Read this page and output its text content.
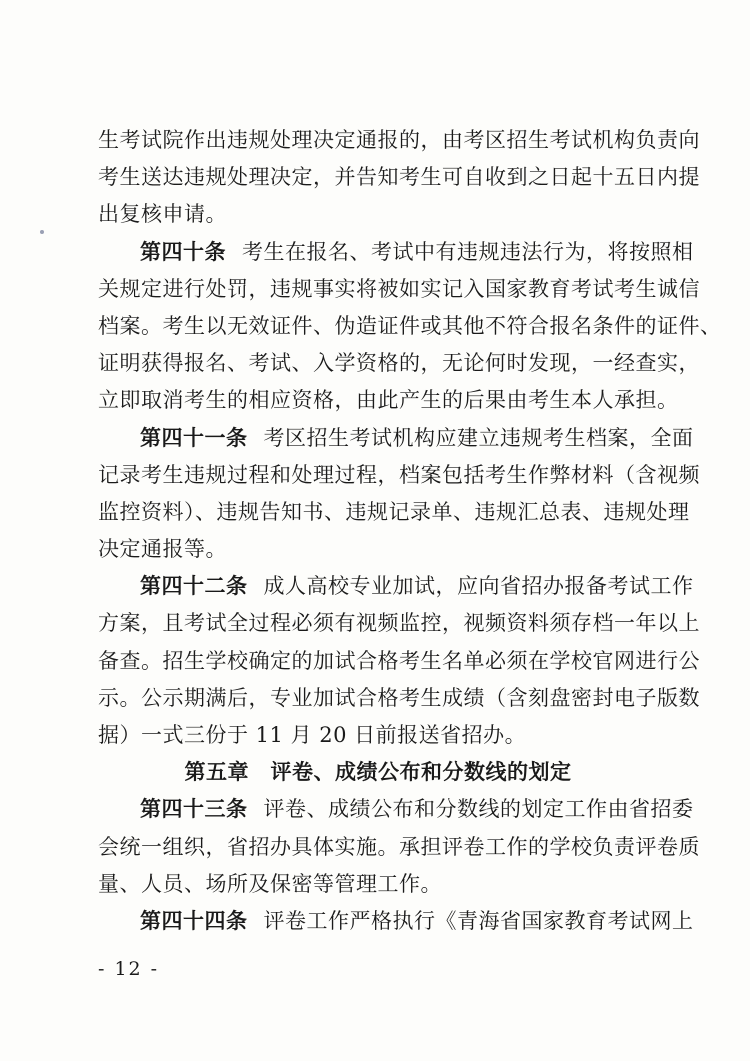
生考试院作出违规处理决定通报的，由考区招生考试机构负责向
考生送达违规处理决定，并告知考生可自收到之日起十五日内提
出复核申请。
第四十条 考生在报名、考试中有违规违法行为，将按照相
关规定进行处罚，违规事实将被如实记入国家教育考试考生诚信
档案。考生以无效证件、伪造证件或其他不符合报名条件的证件、
证明获得报名、考试、入学资格的，无论何时发现，一经查实，
立即取消考生的相应资格，由此产生的后果由考生本人承担。
第四十一条 考区招生考试机构应建立违规考生档案，全面
记录考生违规过程和处理过程，档案包括考生作弊材料（含视频
监控资料）、违规告知书、违规记录单、违规汇总表、违规处理
决定通报等。
第四十二条 成人高校专业加试，应向省招办报备考试工作
方案，且考试全过程必须有视频监控，视频资料须存档一年以上
备查。招生学校确定的加试合格考生名单必须在学校官网进行公
示。公示期满后，专业加试合格考生成绩（含刻盘密封电子版数
据）一式三份于 11 月 20 日前报送省招办。
第五章　评卷、成绩公布和分数线的划定
第四十三条 评卷、成绩公布和分数线的划定工作由省招委
会统一组织，省招办具体实施。承担评卷工作的学校负责评卷质
量、人员、场所及保密等管理工作。
第四十四条 评卷工作严格执行《青海省国家教育考试网上
- 12 -
